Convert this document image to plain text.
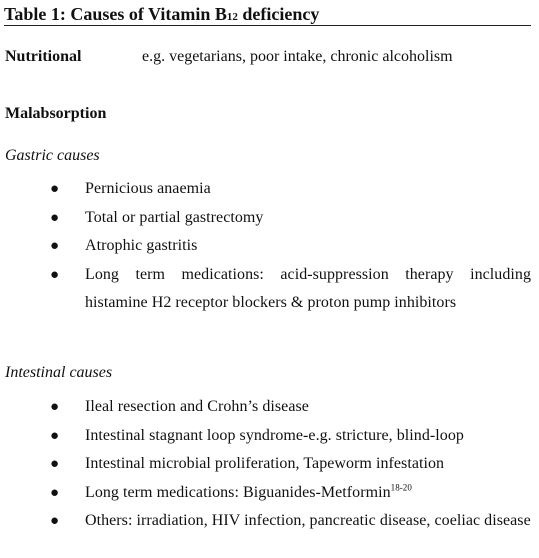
Table 1: Causes of Vitamin B12 deficiency
Nutritional	e.g. vegetarians, poor intake, chronic alcoholism
Malabsorption
Gastric causes
● Pernicious anaemia
● Total or partial gastrectomy
● Atrophic gastritis
● Long term medications: acid-suppression therapy including histamine H2 receptor blockers & proton pump inhibitors
Intestinal causes
● Ileal resection and Crohn’s disease
● Intestinal stagnant loop syndrome-e.g. stricture, blind-loop
● Intestinal microbial proliferation, Tapeworm infestation
● Long term medications: Biguanides-Metformin$^{18-20}$
● Others: irradiation, HIV infection, pancreatic disease, coeliac disease
